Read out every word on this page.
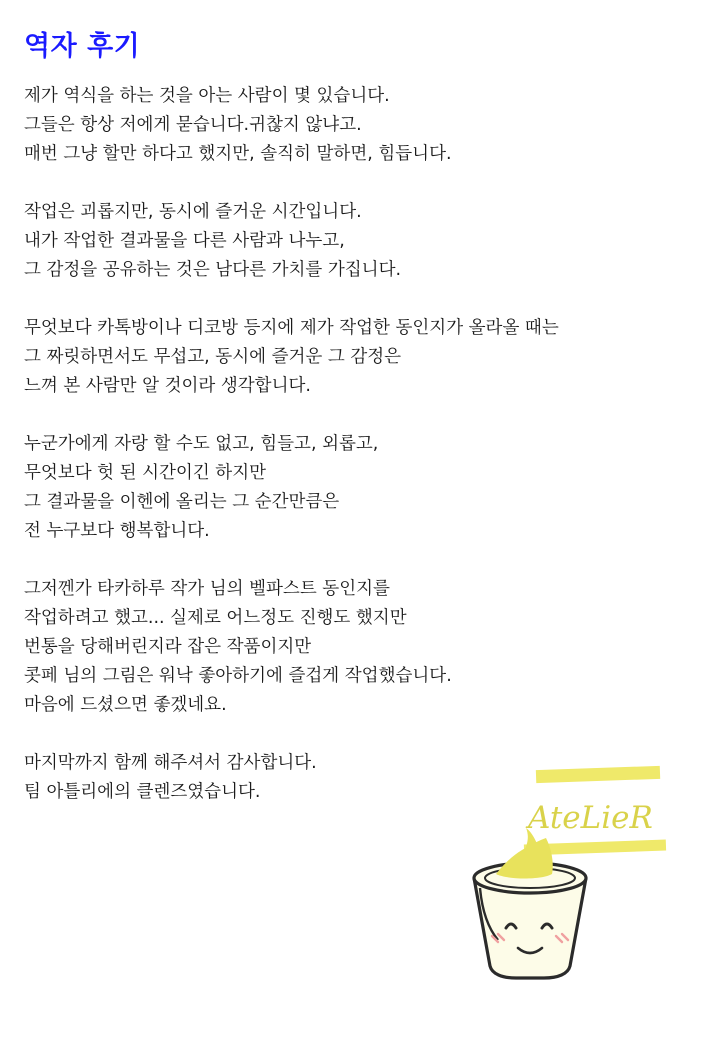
역자 후기

제가 역식을 하는 것을 아는 사람이 몇 있습니다.
그들은 항상 저에게 묻습니다.귀찮지 않냐고.
매번 그냥 할만 하다고 했지만, 솔직히 말하면, 힘듭니다.

작업은 괴롭지만, 동시에 즐거운 시간입니다.
내가 작업한 결과물을 다른 사람과 나누고,
그 감정을 공유하는 것은 남다른 가치를 가집니다.

무엇보다 카톡방이나 디코방 등지에 제가 작업한 동인지가 올라올 때는
그 짜릿하면서도 무섭고, 동시에 즐거운 그 감정은
느껴 본 사람만 알 것이라 생각합니다.

누군가에게 자랑 할 수도 없고, 힘들고, 외롭고,
무엇보다 헛 된 시간이긴 하지만
그 결과물을 이헨에 올리는 그 순간만큼은
전 누구보다 행복합니다.

그저껜가 타카하루 작가 님의 벨파스트 동인지를
작업하려고 했고... 실제로 어느정도 진행도 했지만
번통을 당해버린지라 잡은 작품이지만
콧페 님의 그림은 워낙 좋아하기에 즐겁게 작업했습니다.
마음에 드셨으면 좋겠네요.

마지막까지 함께 해주셔서 감사합니다.
팀 아틀리에의 클렌즈였습니다.

AteLieR
